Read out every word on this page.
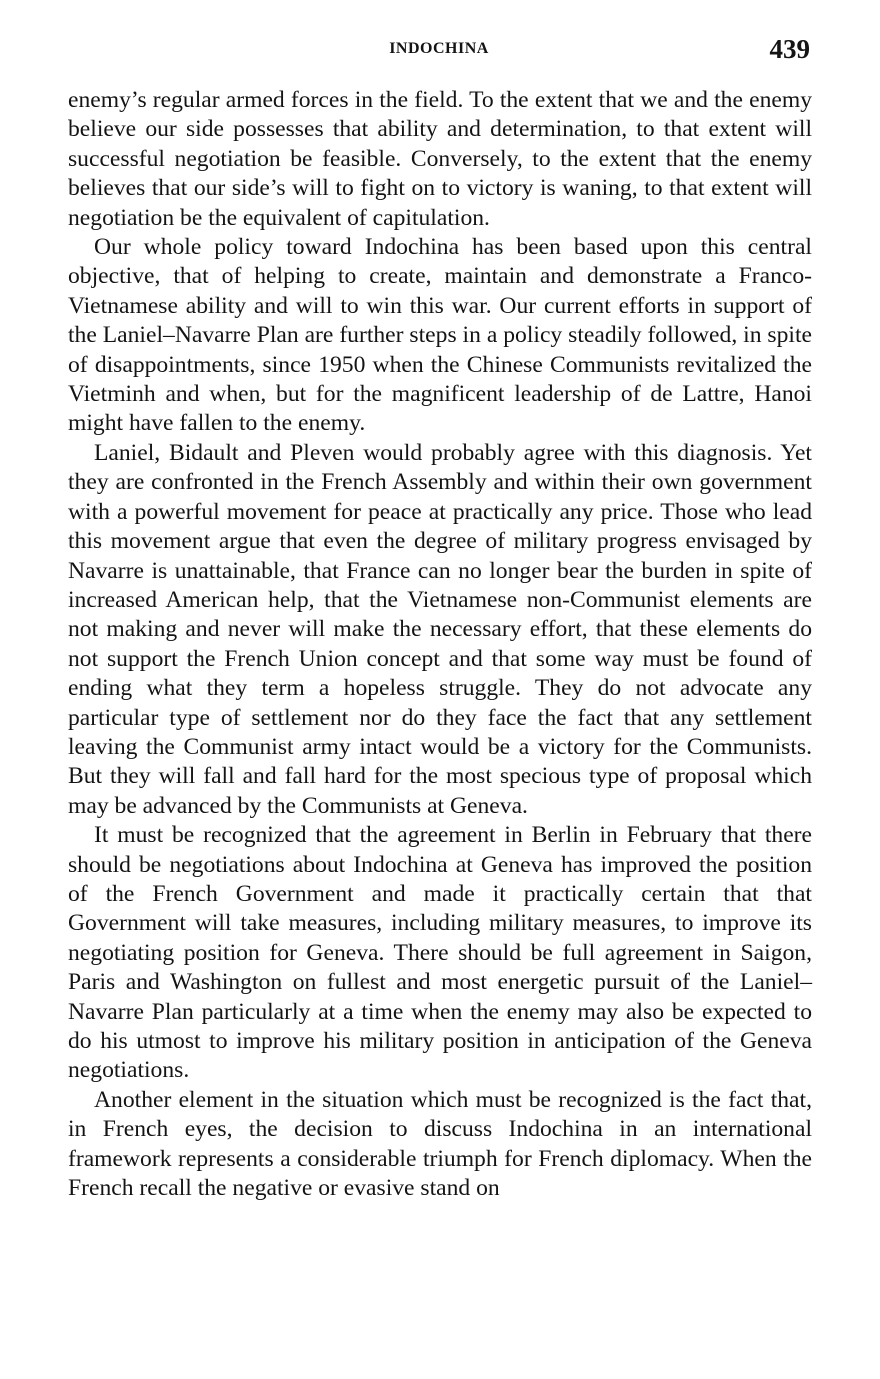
INDOCHINA	439

enemy’s regular armed forces in the field. To the extent that we and the enemy believe our side possesses that ability and determination, to that extent will successful negotiation be feasible. Conversely, to the extent that the enemy believes that our side’s will to fight on to victory is waning, to that extent will negotiation be the equivalent of capitulation.

Our whole policy toward Indochina has been based upon this central objective, that of helping to create, maintain and demonstrate a Franco-Vietnamese ability and will to win this war. Our current efforts in support of the Laniel–Navarre Plan are further steps in a policy steadily followed, in spite of disappointments, since 1950 when the Chinese Communists revitalized the Vietminh and when, but for the magnificent leadership of de Lattre, Hanoi might have fallen to the enemy.

Laniel, Bidault and Pleven would probably agree with this diagnosis. Yet they are confronted in the French Assembly and within their own government with a powerful movement for peace at practically any price. Those who lead this movement argue that even the degree of military progress envisaged by Navarre is unattainable, that France can no longer bear the burden in spite of increased American help, that the Vietnamese non-Communist elements are not making and never will make the necessary effort, that these elements do not support the French Union concept and that some way must be found of ending what they term a hopeless struggle. They do not advocate any particular type of settlement nor do they face the fact that any settlement leaving the Communist army intact would be a victory for the Communists. But they will fall and fall hard for the most specious type of proposal which may be advanced by the Communists at Geneva.

It must be recognized that the agreement in Berlin in February that there should be negotiations about Indochina at Geneva has improved the position of the French Government and made it practically certain that that Government will take measures, including military measures, to improve its negotiating position for Geneva. There should be full agreement in Saigon, Paris and Washington on fullest and most energetic pursuit of the Laniel–Navarre Plan particularly at a time when the enemy may also be expected to do his utmost to improve his military position in anticipation of the Geneva negotiations.

Another element in the situation which must be recognized is the fact that, in French eyes, the decision to discuss Indochina in an international framework represents a considerable triumph for French diplomacy. When the French recall the negative or evasive stand on
